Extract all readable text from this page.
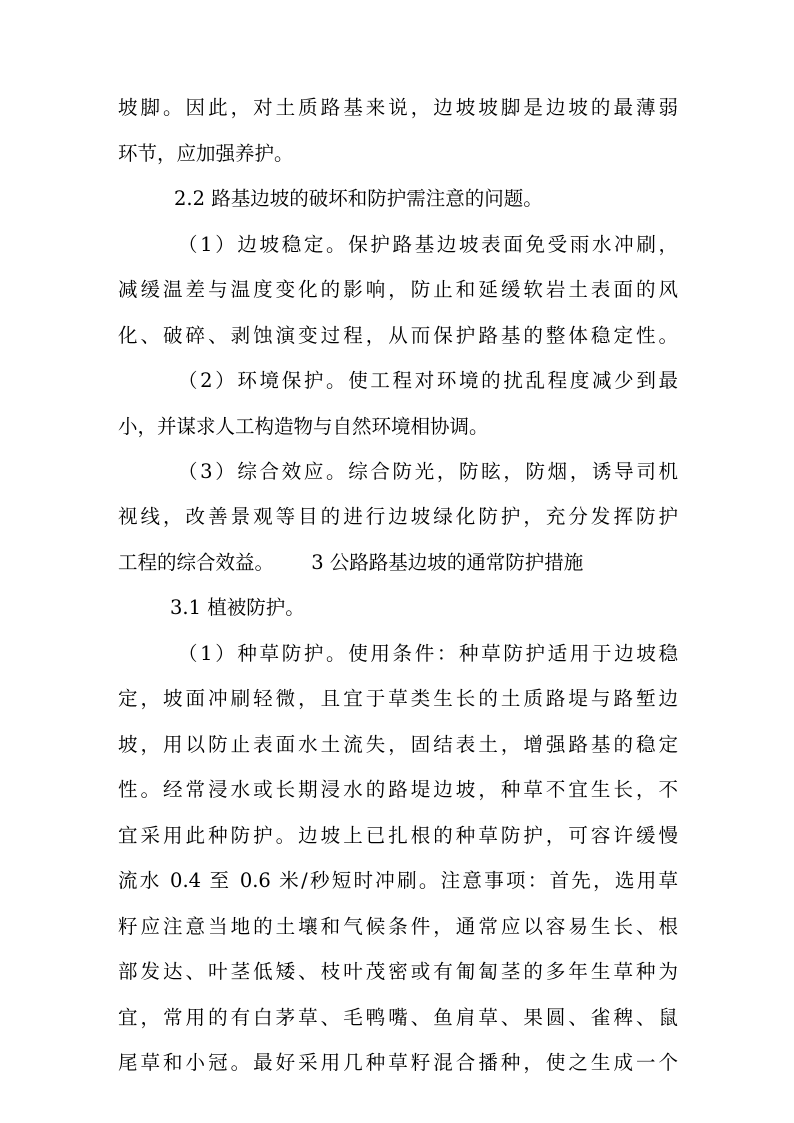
坡脚。因此，对土质路基来说，边坡坡脚是边坡的最薄弱
环节，应加强养护。
2.2 路基边坡的破坏和防护需注意的问题。
（1）边坡稳定。保护路基边坡表面免受雨水冲刷，
减缓温差与温度变化的影响，防止和延缓软岩土表面的风
化、破碎、剥蚀演变过程，从而保护路基的整体稳定性。
（2）环境保护。使工程对环境的扰乱程度减少到最
小，并谋求人工构造物与自然环境相协调。
（3）综合效应。综合防光，防眩，防烟，诱导司机
视线，改善景观等目的进行边坡绿化防护，充分发挥防护
工程的综合效益。      3 公路路基边坡的通常防护措施
3.1 植被防护。
（1）种草防护。使用条件：种草防护适用于边坡稳
定，坡面冲刷轻微，且宜于草类生长的土质路堤与路堑边
坡，用以防止表面水土流失，固结表土，增强路基的稳定
性。经常浸水或长期浸水的路堤边坡，种草不宜生长，不
宜采用此种防护。边坡上已扎根的种草防护，可容许缓慢
流水 0.4 至 0.6 米/秒短时冲刷。注意事项：首先，选用草
籽应注意当地的土壤和气候条件，通常应以容易生长、根
部发达、叶茎低矮、枝叶茂密或有匍匐茎的多年生草种为
宜，常用的有白茅草、毛鸭嘴、鱼肩草、果圆、雀稗、鼠
尾草和小冠。最好采用几种草籽混合播种，使之生成一个
